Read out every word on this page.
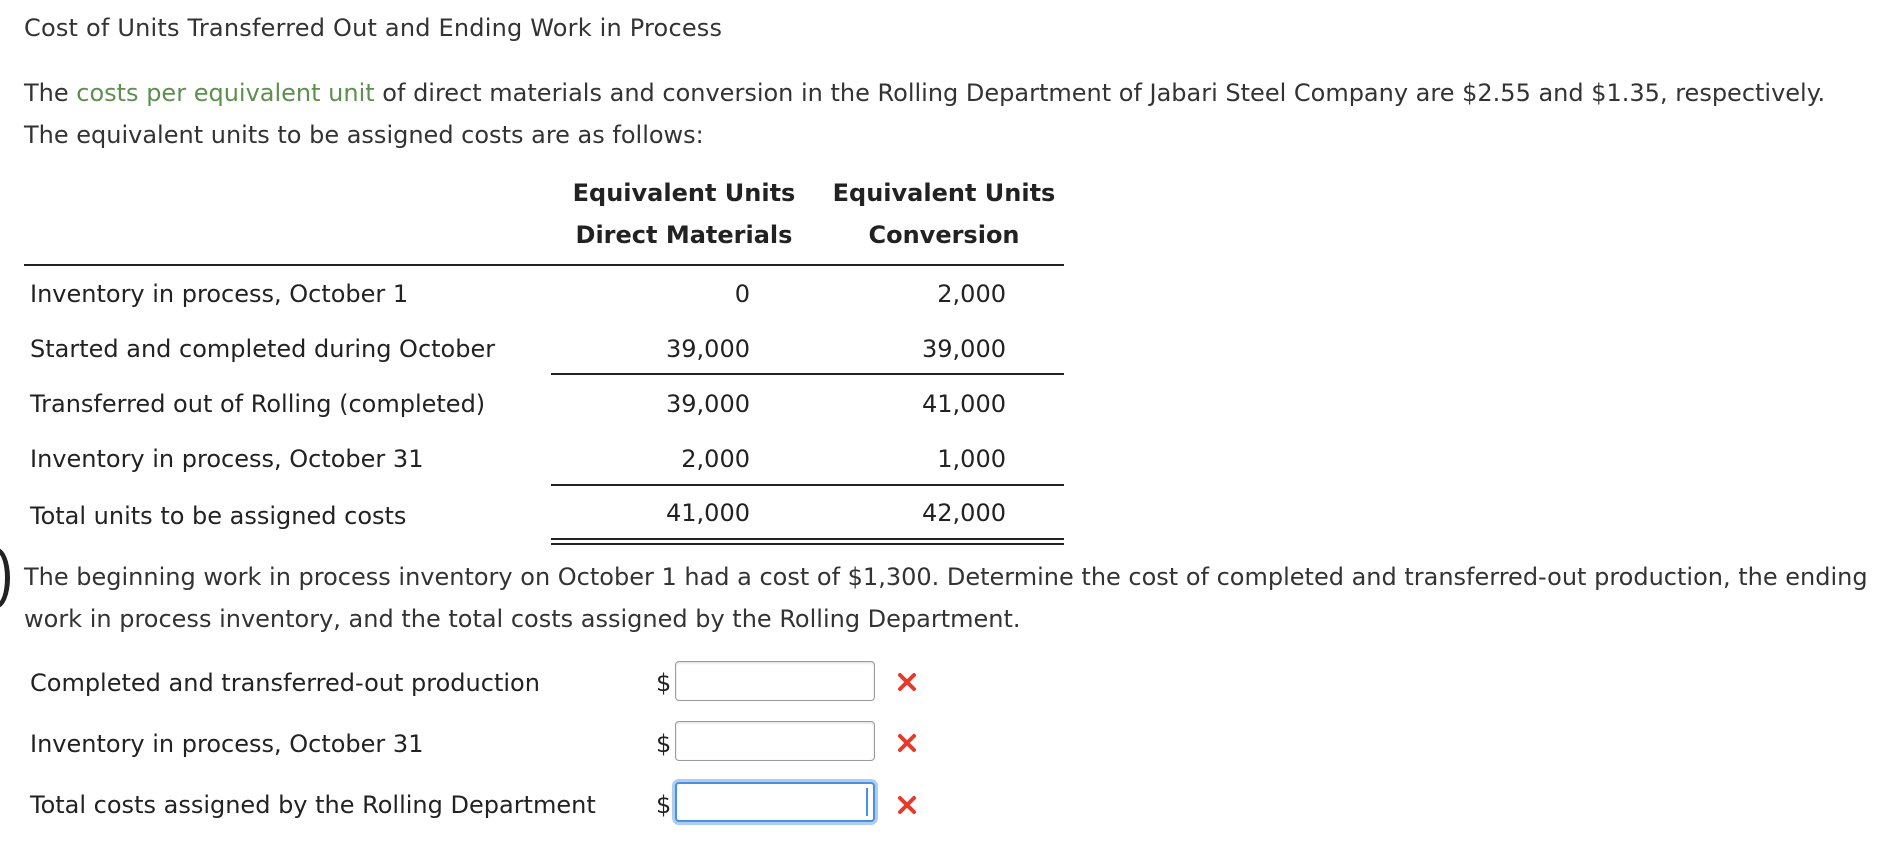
Cost of Units Transferred Out and Ending Work in Process
The costs per equivalent unit of direct materials and conversion in the Rolling Department of Jabari Steel Company are $2.55 and $1.35, respectively. The equivalent units to be assigned costs are as follows:
Equivalent Units
Direct Materials
Equivalent Units
Conversion
Inventory in process, October 1	0	2,000
Started and completed during October	39,000	39,000
Transferred out of Rolling (completed)	39,000	41,000
Inventory in process, October 31	2,000	1,000
Total units to be assigned costs	41,000	42,000
The beginning work in process inventory on October 1 had a cost of $1,300. Determine the cost of completed and transferred-out production, the ending work in process inventory, and the total costs assigned by the Rolling Department.
Completed and transferred-out production	$
Inventory in process, October 31	$
Total costs assigned by the Rolling Department	$
